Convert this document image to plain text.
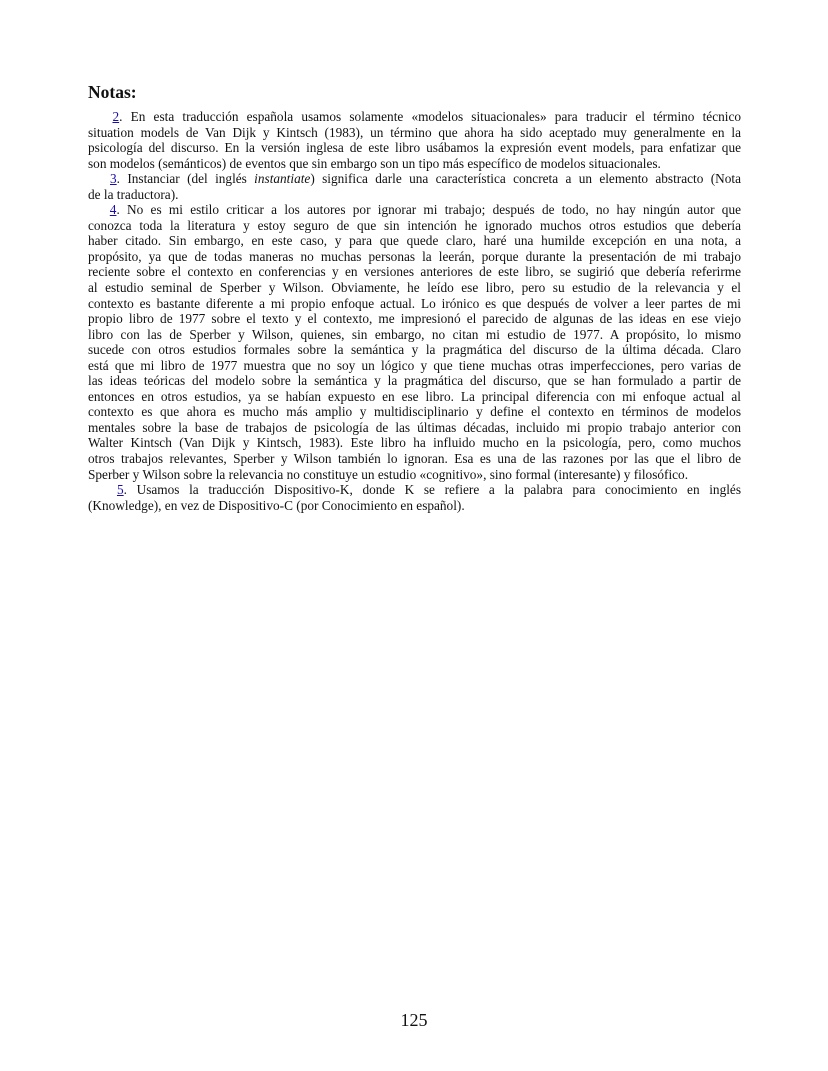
Notas:
2. En esta traducción española usamos solamente «modelos situacionales» para traducir el término técnico
situation models de Van Dijk y Kintsch (1983), un término que ahora ha sido aceptado muy generalmente en la
psicología del discurso. En la versión inglesa de este libro usábamos la expresión event models, para enfatizar que
son modelos (semánticos) de eventos que sin embargo son un tipo más específico de modelos situacionales.
3. Instanciar (del inglés instantiate) significa darle una característica concreta a un elemento abstracto (Nota
de la traductora).
4. No es mi estilo criticar a los autores por ignorar mi trabajo; después de todo, no hay ningún autor que
conozca toda la literatura y estoy seguro de que sin intención he ignorado muchos otros estudios que debería
haber citado. Sin embargo, en este caso, y para que quede claro, haré una humilde excepción en una nota, a
propósito, ya que de todas maneras no muchas personas la leerán, porque durante la presentación de mi trabajo
reciente sobre el contexto en conferencias y en versiones anteriores de este libro, se sugirió que debería referirme
al estudio seminal de Sperber y Wilson. Obviamente, he leído ese libro, pero su estudio de la relevancia y el
contexto es bastante diferente a mi propio enfoque actual. Lo irónico es que después de volver a leer partes de mi
propio libro de 1977 sobre el texto y el contexto, me impresionó el parecido de algunas de las ideas en ese viejo
libro con las de Sperber y Wilson, quienes, sin embargo, no citan mi estudio de 1977. A propósito, lo mismo
sucede con otros estudios formales sobre la semántica y la pragmática del discurso de la última década. Claro
está que mi libro de 1977 muestra que no soy un lógico y que tiene muchas otras imperfecciones, pero varias de
las ideas teóricas del modelo sobre la semántica y la pragmática del discurso, que se han formulado a partir de
entonces en otros estudios, ya se habían expuesto en ese libro. La principal diferencia con mi enfoque actual al
contexto es que ahora es mucho más amplio y multidisciplinario y define el contexto en términos de modelos
mentales sobre la base de trabajos de psicología de las últimas décadas, incluido mi propio trabajo anterior con
Walter Kintsch (Van Dijk y Kintsch, 1983). Este libro ha influido mucho en la psicología, pero, como muchos
otros trabajos relevantes, Sperber y Wilson también lo ignoran. Esa es una de las razones por las que el libro de
Sperber y Wilson sobre la relevancia no constituye un estudio «cognitivo», sino formal (interesante) y filosófico.
5. Usamos la traducción Dispositivo-K, donde K se refiere a la palabra para conocimiento en inglés
(Knowledge), en vez de Dispositivo-C (por Conocimiento en español).
125
